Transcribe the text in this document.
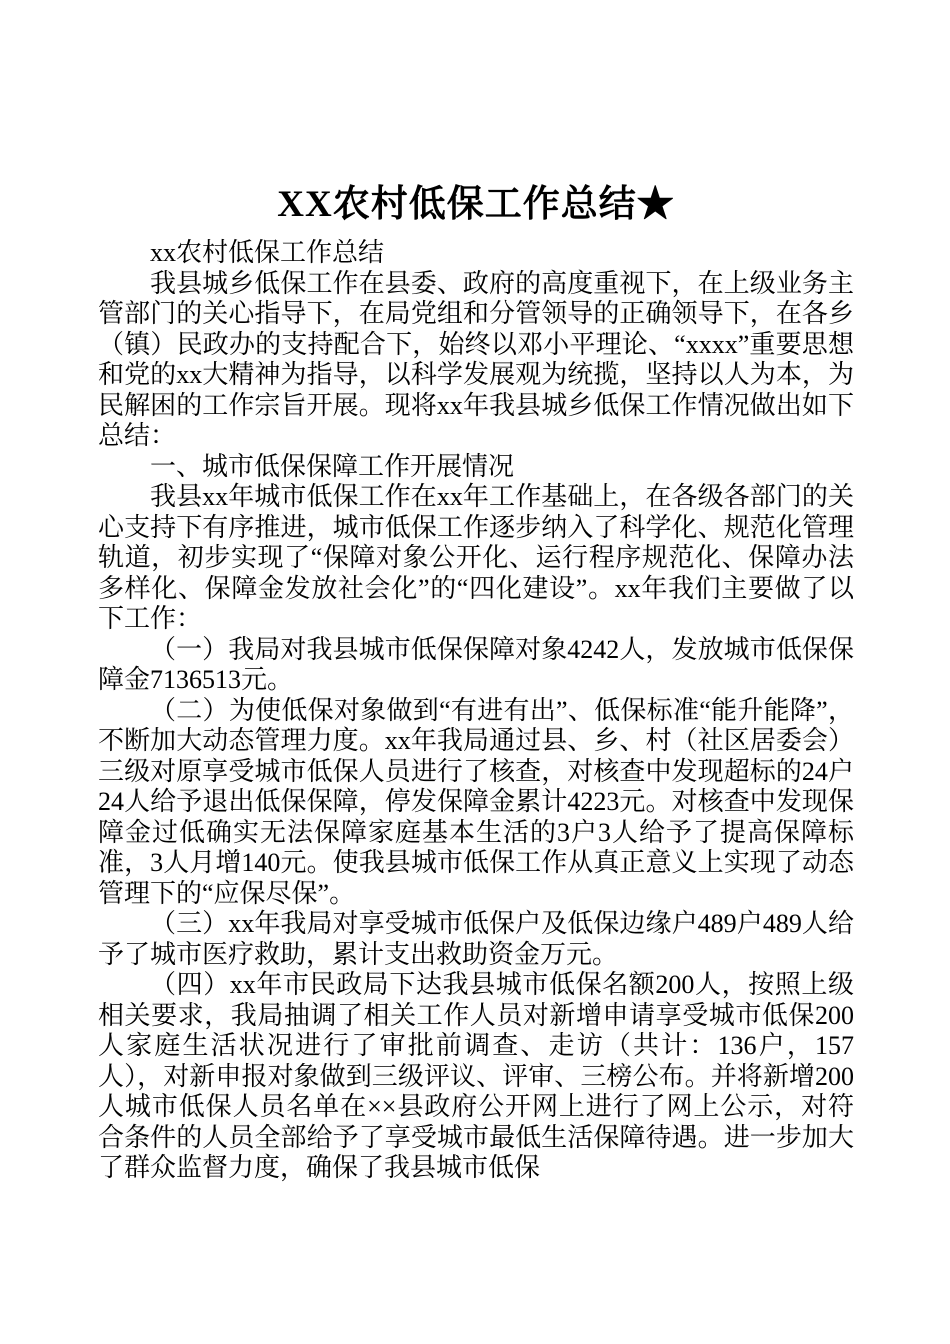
XX农村低保工作总结★

xx农村低保工作总结

我县城乡低保工作在县委、政府的高度重视下，在上级业务主管部门的关心指导下，在局党组和分管领导的正确领导下，在各乡（镇）民政办的支持配合下，始终以邓小平理论、“xxxx”重要思想和党的xx大精神为指导，以科学发展观为统揽，坚持以人为本，为民解困的工作宗旨开展。现将xx年我县城乡低保工作情况做出如下总结：

一、城市低保保障工作开展情况

我县xx年城市低保工作在xx年工作基础上，在各级各部门的关心支持下有序推进，城市低保工作逐步纳入了科学化、规范化管理轨道，初步实现了“保障对象公开化、运行程序规范化、保障办法多样化、保障金发放社会化”的“四化建设”。xx年我们主要做了以下工作：

（一）我局对我县城市低保保障对象4242人，发放城市低保保障金7136513元。

（二）为使低保对象做到“有进有出”、低保标准“能升能降”，不断加大动态管理力度。xx年我局通过县、乡、村（社区居委会）三级对原享受城市低保人员进行了核查，对核查中发现超标的24户24人给予退出低保保障，停发保障金累计4223元。对核查中发现保障金过低确实无法保障家庭基本生活的3户3人给予了提高保障标准，3人月增140元。使我县城市低保工作从真正意义上实现了动态管理下的“应保尽保”。

（三）xx年我局对享受城市低保户及低保边缘户489户489人给予了城市医疗救助，累计支出救助资金万元。

（四）xx年市民政局下达我县城市低保名额200人，按照上级相关要求，我局抽调了相关工作人员对新增申请享受城市低保200人家庭生活状况进行了审批前调查、走访（共计：136户，157人），对新申报对象做到三级评议、评审、三榜公布。并将新增200人城市低保人员名单在××县政府公开网上进行了网上公示，对符合条件的人员全部给予了享受城市最低生活保障待遇。进一步加大了群众监督力度，确保了我县城市低保
